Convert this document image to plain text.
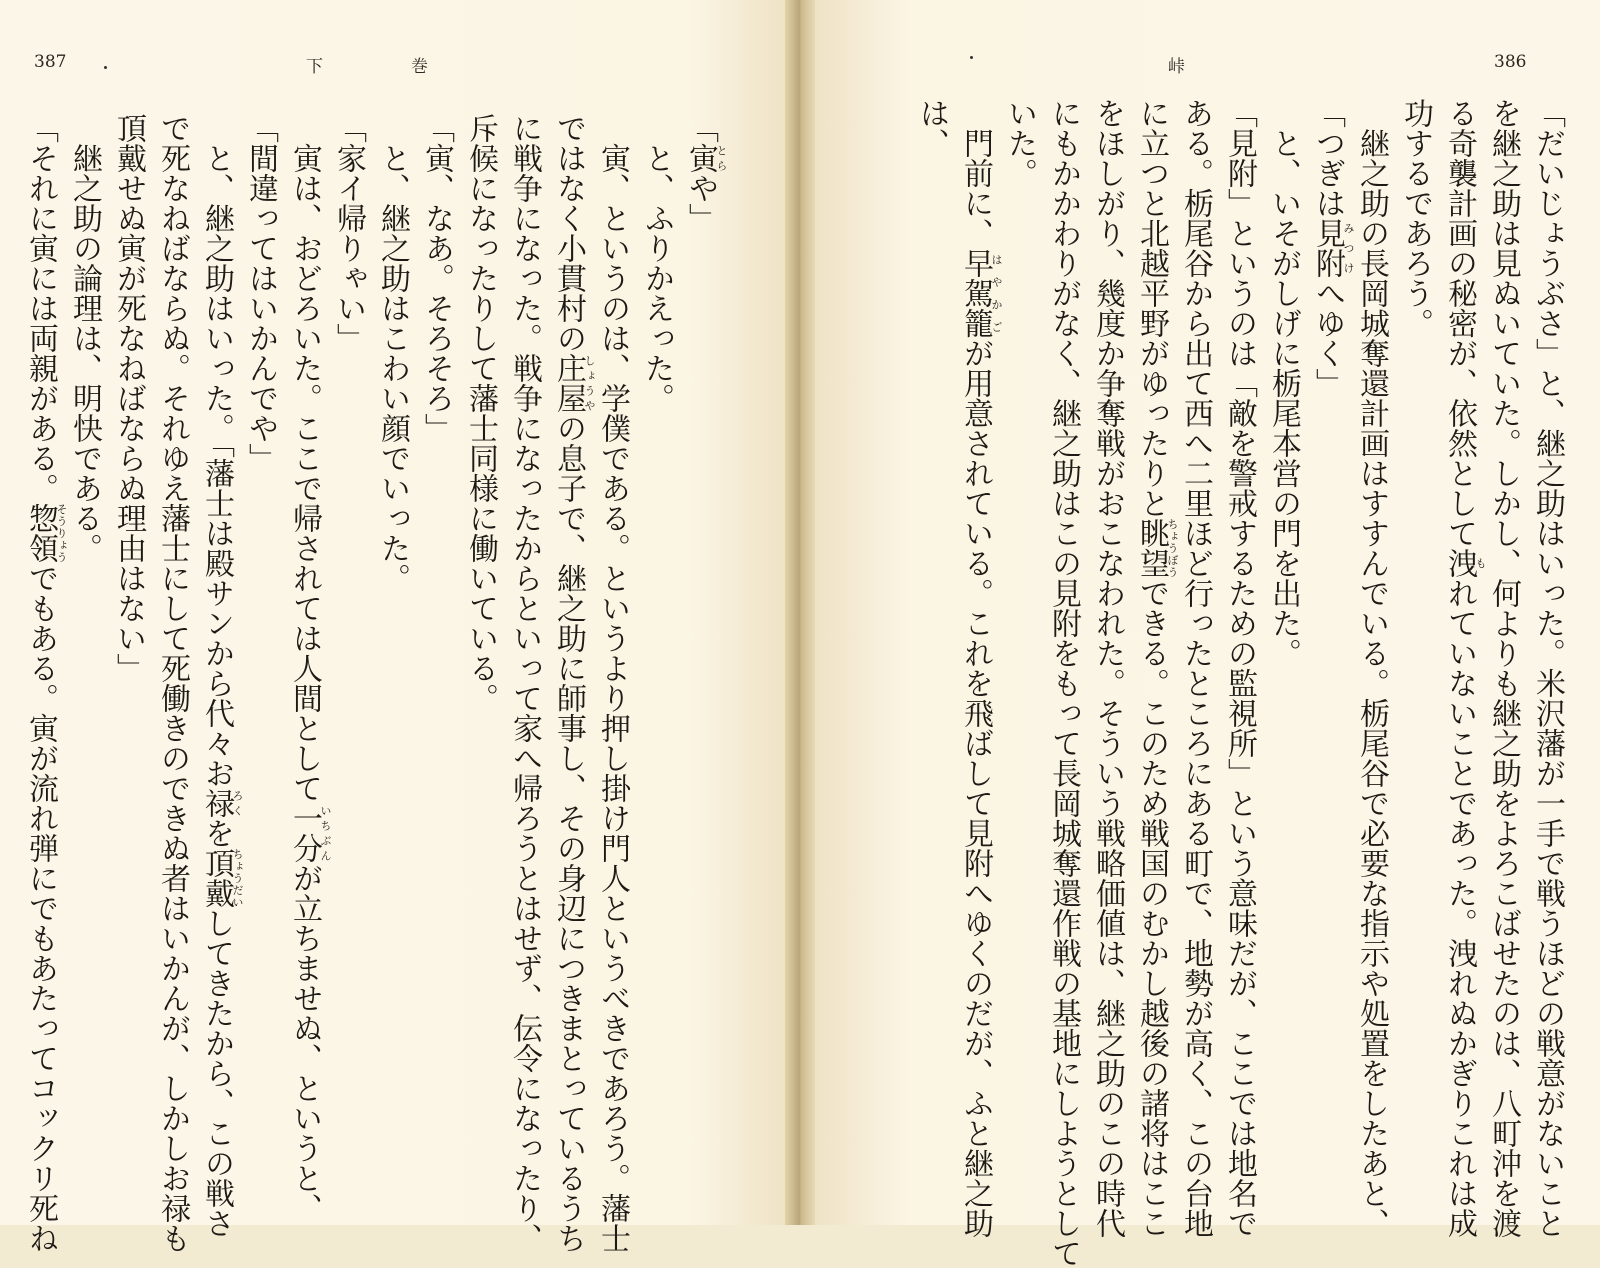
387	下	巻
「寅とらや」
と、ふりかえった。
寅、というのは、学僕である。というより押し掛け門人というべきであろう。藩士
ではなく小貫村の庄屋しょうやの息子で、継之助に師事し、その身辺につきまとっているうち
に戦争になった。戦争になったからといって家へ帰ろうとはせず、伝令になったり、
斥候になったりして藩士同様に働いている。
「寅、なあ。そろそろ」
と、継之助はこわい顔でいった。
「家イ帰りゃい」
寅は、おどろいた。ここで帰されては人間として一分いちぶんが立ちませぬ、というと、
「間違ってはいかんでや」
と、継之助はいった。「藩士は殿サンから代々お禄ろくを頂戴ちょうだいしてきたから、この戦さ
で死なねばならぬ。それゆえ藩士にして死働きのできぬ者はいかんが、しかしお禄も
頂戴せぬ寅が死なねばならぬ理由はない」
継之助の論理は、明快である。
「それに寅には両親がある。惣領そうりょうでもある。寅が流れ弾にでもあたってコックリ死ね
峠	386
「だいじょうぶさ」と、継之助はいった。米沢藩が一手で戦うほどの戦意がないこと
を継之助は見ぬいていた。しかし、何よりも継之助をよろこばせたのは、八町沖を渡
る奇襲計画の秘密が、依然として洩もれていないことであった。洩れぬかぎりこれは成
功するであろう。
継之助の長岡城奪還計画はすすんでいる。栃尾谷で必要な指示や処置をしたあと、
「つぎは見附みつけへゆく」
と、いそがしげに栃尾本営の門を出た。
「見附」というのは「敵を警戒するための監視所」という意味だが、ここでは地名で
ある。栃尾谷から出て西へ二里ほど行ったところにある町で、地勢が高く、この台地
に立つと北越平野がゆったりと眺望ちょうぼうできる。このため戦国のむかし越後の諸将はここ
をほしがり、幾度か争奪戦がおこなわれた。そういう戦略価値は、継之助のこの時代
にもかかわりがなく、継之助はこの見附をもって長岡城奪還作戦の基地にしようとして
いた。
門前に、早駕籠はやかごが用意されている。これを飛ばして見附へゆくのだが、ふと継之助
は、
